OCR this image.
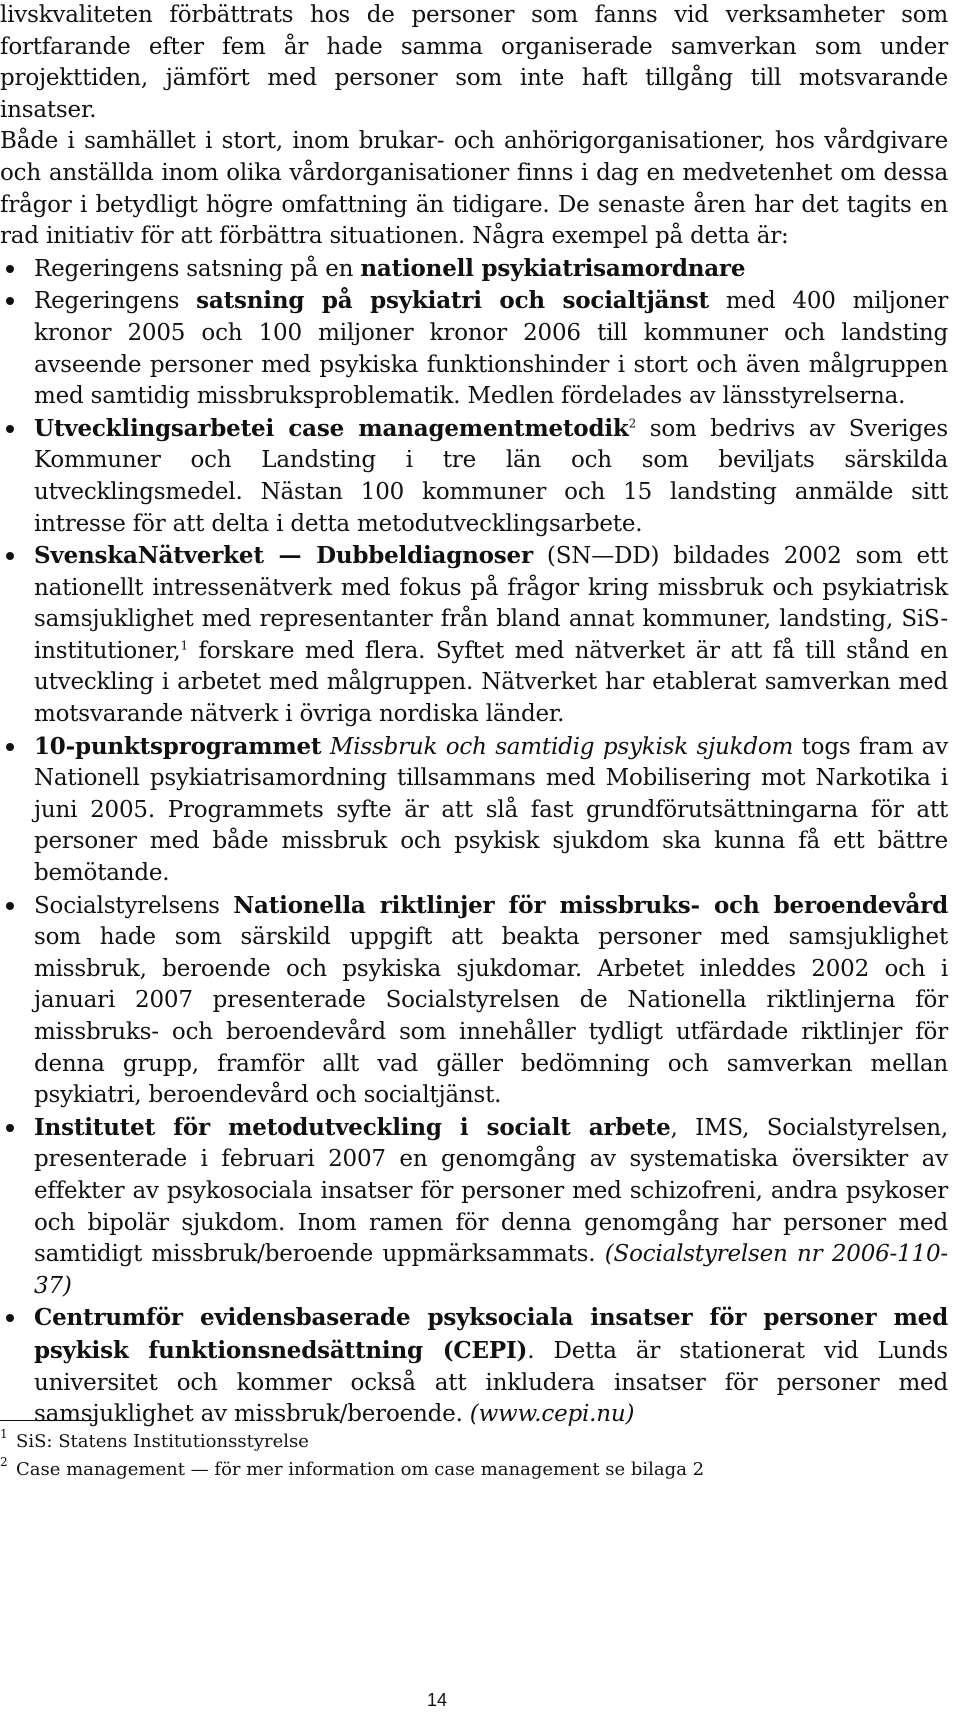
livskvaliteten förbättrats hos de personer som fanns vid verksamheter som fortfarande efter fem år hade samma organiserade samverkan som under projekttiden, jämfört med personer som inte haft tillgång till motsvarande insatser.

Både i samhället i stort, inom brukar- och anhörigorganisationer, hos vårdgivare och anställda inom olika vårdorganisationer finns i dag en medvetenhet om dessa frågor i betydligt högre omfattning än tidigare. De senaste åren har det tagits en rad initiativ för att förbättra situationen. Några exempel på detta är:

Regeringens satsning på en nationell psykiatrisamordnare
Regeringens satsning på psykiatri och socialtjänst med 400 miljoner kronor 2005 och 100 miljoner kronor 2006 till kommuner och landsting avseende personer med psykiska funktionshinder i stort och även målgruppen med samtidig missbruksproblematik. Medlen fördelades av länsstyrelserna.
Utvecklingsarbetei case managementmetodik$^2$ som bedrivs av Sveriges Kommuner och Landsting i tre län och som beviljats särskilda utvecklingsmedel. Nästan 100 kommuner och 15 landsting anmälde sitt intresse för att delta i detta metodutvecklingsarbete.
SvenskaNätverket — Dubbeldiagnoser (SN—DD) bildades 2002 som ett nationellt intressenätverk med fokus på frågor kring missbruk och psykiatrisk samsjuklighet med representanter från bland annat kommuner, landsting, SiS-institutioner,$^1$ forskare med flera. Syftet med nätverket är att få till stånd en utveckling i arbetet med målgruppen. Nätverket har etablerat samverkan med motsvarande nätverk i övriga nordiska länder.
10-punktsprogrammet Missbruk och samtidig psykisk sjukdom togs fram av Nationell psykiatrisamordning tillsammans med Mobilisering mot Narkotika i juni 2005. Programmets syfte är att slå fast grundförutsättningarna för att personer med både missbruk och psykisk sjukdom ska kunna få ett bättre bemötande.
Socialstyrelsens Nationella riktlinjer för missbruks- och beroendevård som hade som särskild uppgift att beakta personer med samsjuklighet missbruk, beroende och psykiska sjukdomar. Arbetet inleddes 2002 och i januari 2007 presenterade Socialstyrelsen de Nationella riktlinjerna för missbruks- och beroendevård som innehåller tydligt utfärdade riktlinjer för denna grupp, framför allt vad gäller bedömning och samverkan mellan psykiatri, beroendevård och socialtjänst.
Institutet för metodutveckling i socialt arbete, IMS, Socialstyrelsen, presenterade i februari 2007 en genomgång av systematiska översikter av effekter av psykosociala insatser för personer med schizofreni, andra psykoser och bipolär sjukdom. Inom ramen för denna genomgång har personer med samtidigt missbruk/beroende uppmärksammats. (Socialstyrelsen nr 2006-110-37)
Centrumför evidensbaserade psyksociala insatser för personer med psykisk funktionsnedsättning (CEPI). Detta är stationerat vid Lunds universitet och kommer också att inkludera insatser för personer med samsjuklighet av missbruk/beroende. (www.cepi.nu)
1 SiS: Statens Institutionsstyrelse
2 Case management — för mer information om case management se bilaga 2
14
